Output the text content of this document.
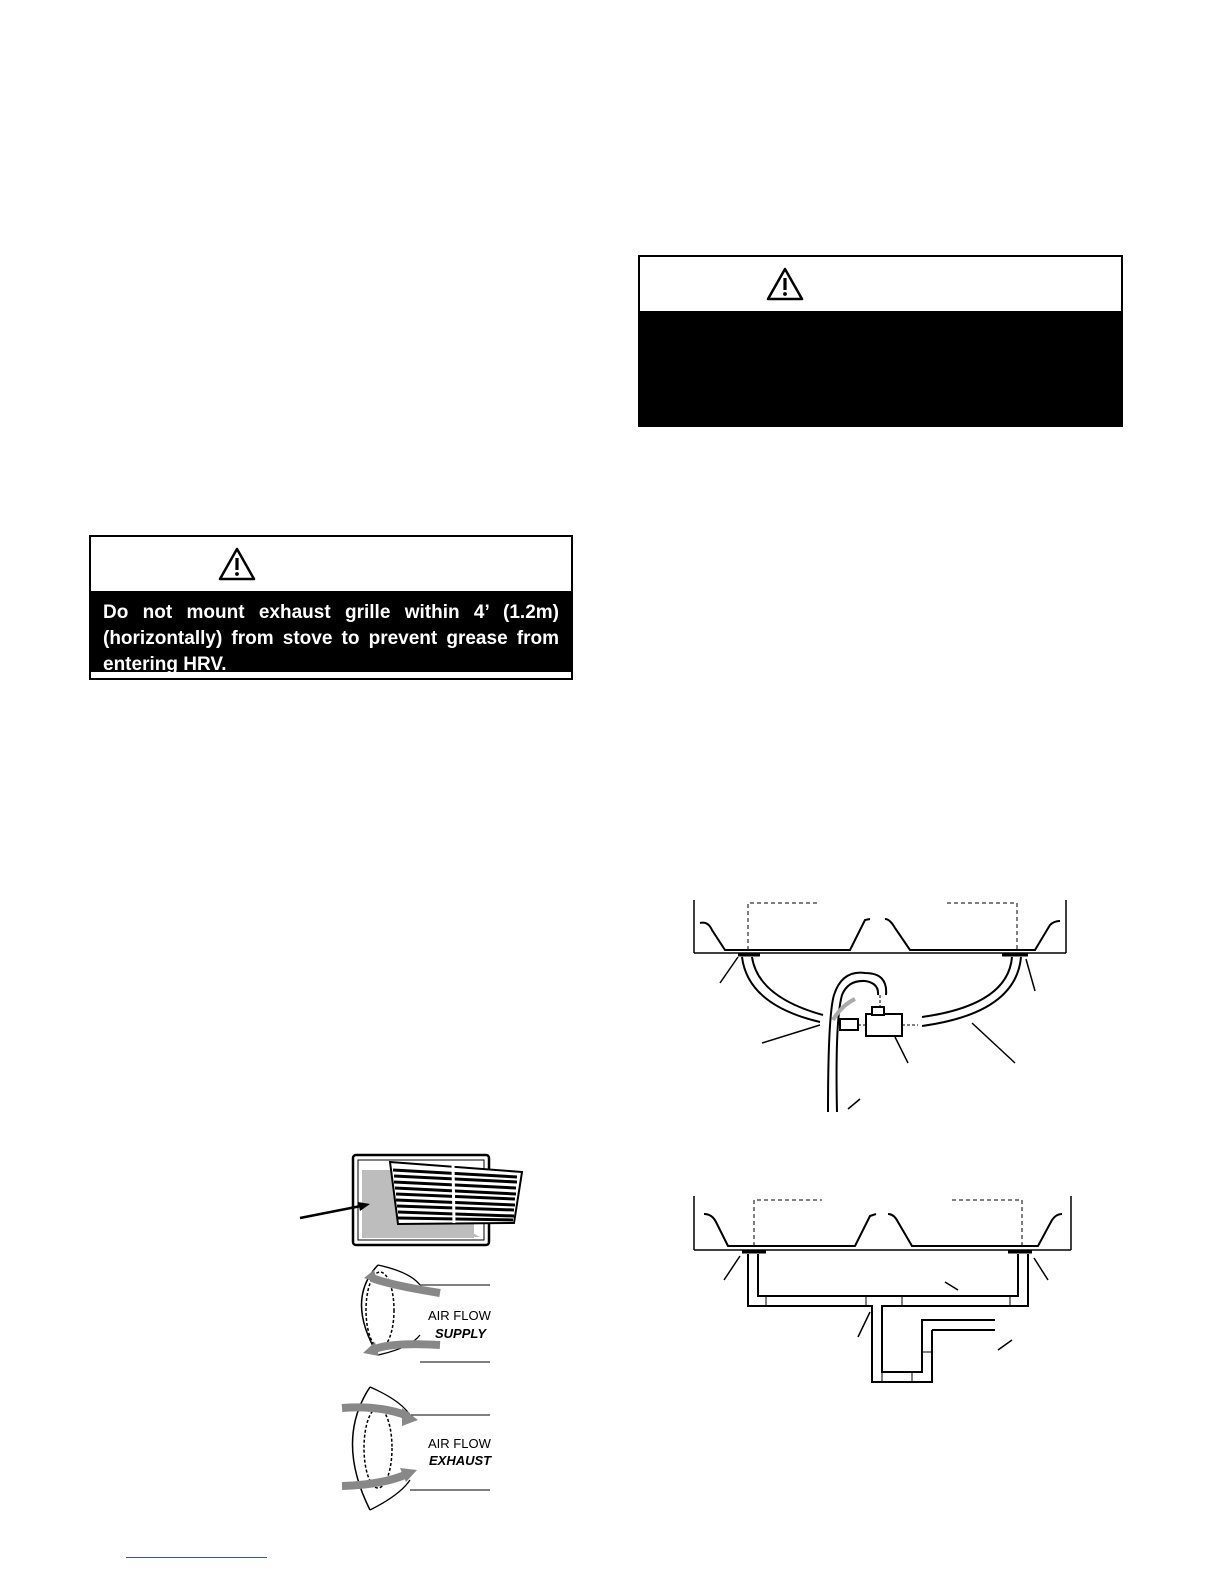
Do not mount exhaust grille within 4’ (1.2m) (horizontally) from stove to prevent grease from entering HRV.
AIR FLOW
SUPPLY
AIR FLOW
EXHAUST
